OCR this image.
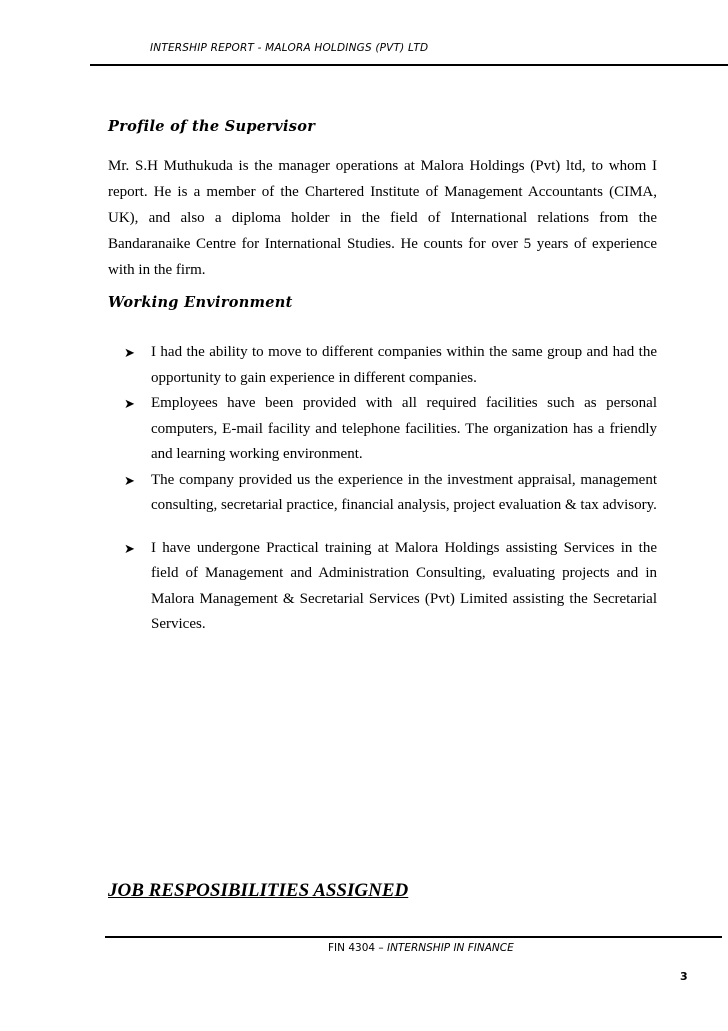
INTERSHIP REPORT - MALORA HOLDINGS (PVT) LTD
Profile of the Supervisor
Mr. S.H Muthukuda is the manager operations at Malora Holdings (Pvt) ltd, to whom I report. He is a member of the Chartered Institute of Management Accountants (CIMA, UK), and also a diploma holder in the field of International relations from the Bandaranaike Centre for International Studies. He counts for over 5 years of experience with in the firm.
Working Environment
➤ I had the ability to move to different companies within the same group and had the opportunity to gain experience in different companies.
➤ Employees have been provided with all required facilities such as personal computers, E-mail facility and telephone facilities. The organization has a friendly and learning working environment.
➤ The company provided us the experience in the investment appraisal, management consulting, secretarial practice, financial analysis, project evaluation & tax advisory.
➤ I have undergone Practical training at Malora Holdings assisting Services in the field of Management and Administration Consulting, evaluating projects and in Malora Management & Secretarial Services (Pvt) Limited assisting the Secretarial Services.
JOB RESPOSIBILITIES ASSIGNED
FIN 4304 – INTERNSHIP IN FINANCE
3
